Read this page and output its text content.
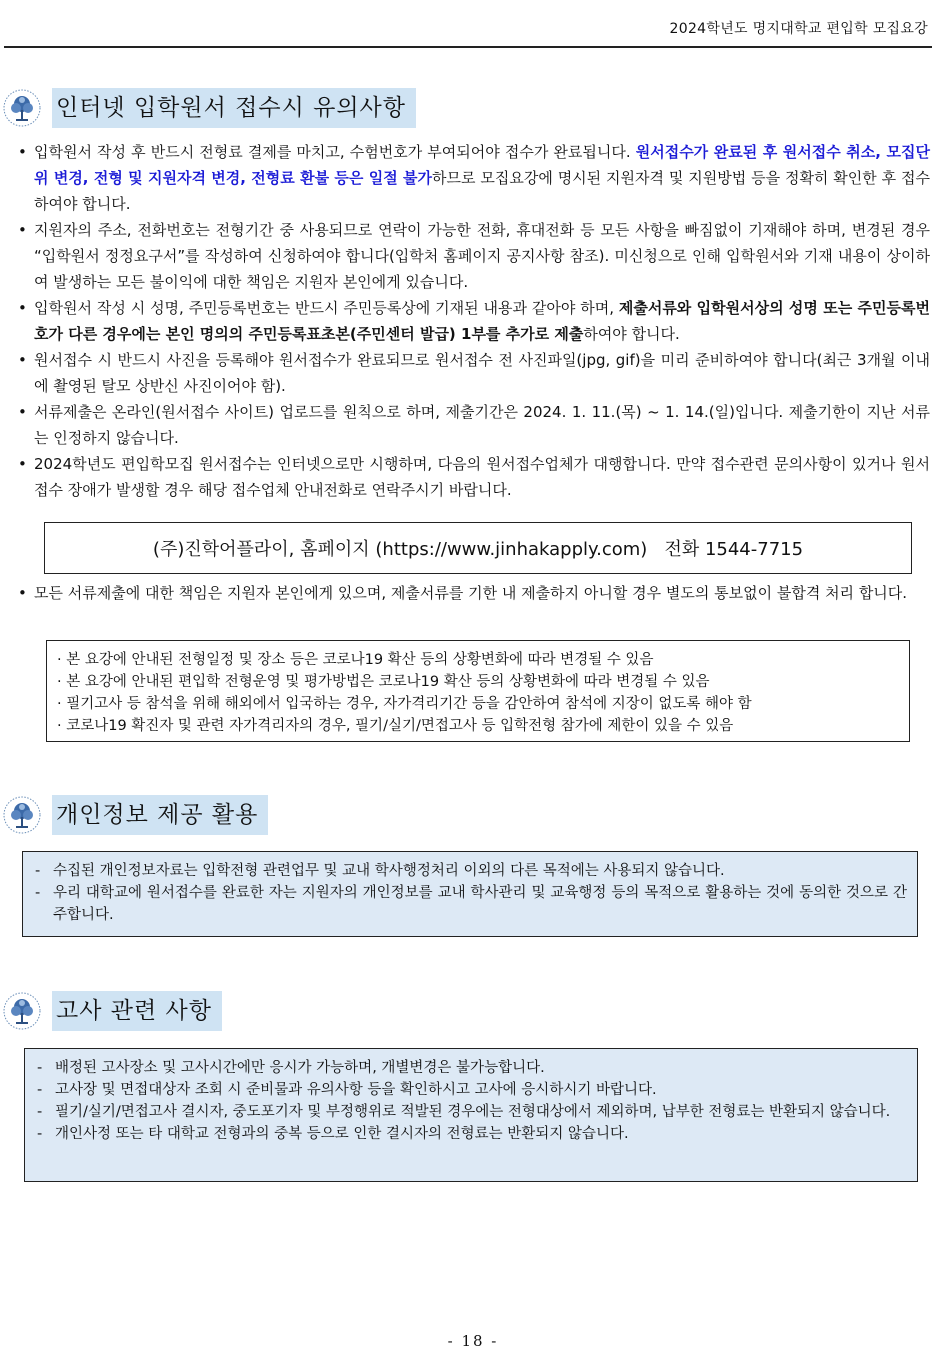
2024학년도 명지대학교 편입학 모집요강
인터넷 입학원서 접수시 유의사항
• 입학원서 작성 후 반드시 전형료 결제를 마치고, 수험번호가 부여되어야 접수가 완료됩니다. 원서접수가 완료된 후 원서접수 취소, 모집단위 변경, 전형 및 지원자격 변경, 전형료 환불 등은 일절 불가하므로 모집요강에 명시된 지원자격 및 지원방법 등을 정확히 확인한 후 접수하여야 합니다.
• 지원자의 주소, 전화번호는 전형기간 중 사용되므로 연락이 가능한 전화, 휴대전화 등 모든 사항을 빠짐없이 기재해야 하며, 변경된 경우 “입학원서 정정요구서”를 작성하여 신청하여야 합니다(입학처 홈페이지 공지사항 참조). 미신청으로 인해 입학원서와 기재 내용이 상이하여 발생하는 모든 불이익에 대한 책임은 지원자 본인에게 있습니다.
• 입학원서 작성 시 성명, 주민등록번호는 반드시 주민등록상에 기재된 내용과 같아야 하며, 제출서류와 입학원서상의 성명 또는 주민등록번호가 다른 경우에는 본인 명의의 주민등록표초본(주민센터 발급) 1부를 추가로 제출하여야 합니다.
• 원서접수 시 반드시 사진을 등록해야 원서접수가 완료되므로 원서접수 전 사진파일(jpg, gif)을 미리 준비하여야 합니다(최근 3개월 이내에 촬영된 탈모 상반신 사진이어야 함).
• 서류제출은 온라인(원서접수 사이트) 업로드를 원칙으로 하며, 제출기간은 2024. 1. 11.(목) ~ 1. 14.(일)입니다. 제출기한이 지난 서류는 인정하지 않습니다.
• 2024학년도 편입학모집 원서접수는 인터넷으로만 시행하며, 다음의 원서접수업체가 대행합니다. 만약 접수관련 문의사항이 있거나 원서접수 장애가 발생할 경우 해당 접수업체 안내전화로 연락주시기 바랍니다.
(주)진학어플라이, 홈페이지 (https://www.jinhakapply.com)   전화 1544-7715
• 모든 서류제출에 대한 책임은 지원자 본인에게 있으며, 제출서류를 기한 내 제출하지 아니할 경우 별도의 통보없이 불합격 처리 합니다.
· 본 요강에 안내된 전형일정 및 장소 등은 코로나19 확산 등의 상황변화에 따라 변경될 수 있음
· 본 요강에 안내된 편입학 전형운영 및 평가방법은 코로나19 확산 등의 상황변화에 따라 변경될 수 있음
· 필기고사 등 참석을 위해 해외에서 입국하는 경우, 자가격리기간 등을 감안하여 참석에 지장이 없도록 해야 함
· 코로나19 확진자 및 관련 자가격리자의 경우, 필기/실기/면접고사 등 입학전형 참가에 제한이 있을 수 있음
개인정보 제공 활용
- 수집된 개인정보자료는 입학전형 관련업무 및 교내 학사행정처리 이외의 다른 목적에는 사용되지 않습니다.
- 우리 대학교에 원서접수를 완료한 자는 지원자의 개인정보를 교내 학사관리 및 교육행정 등의 목적으로 활용하는 것에 동의한 것으로 간주합니다.
고사 관련 사항
- 배정된 고사장소 및 고사시간에만 응시가 가능하며, 개별변경은 불가능합니다.
- 고사장 및 면접대상자 조회 시 준비물과 유의사항 등을 확인하시고 고사에 응시하시기 바랍니다.
- 필기/실기/면접고사 결시자, 중도포기자 및 부정행위로 적발된 경우에는 전형대상에서 제외하며, 납부한 전형료는 반환되지 않습니다.
- 개인사정 또는 타 대학교 전형과의 중복 등으로 인한 결시자의 전형료는 반환되지 않습니다.
- 18 -
